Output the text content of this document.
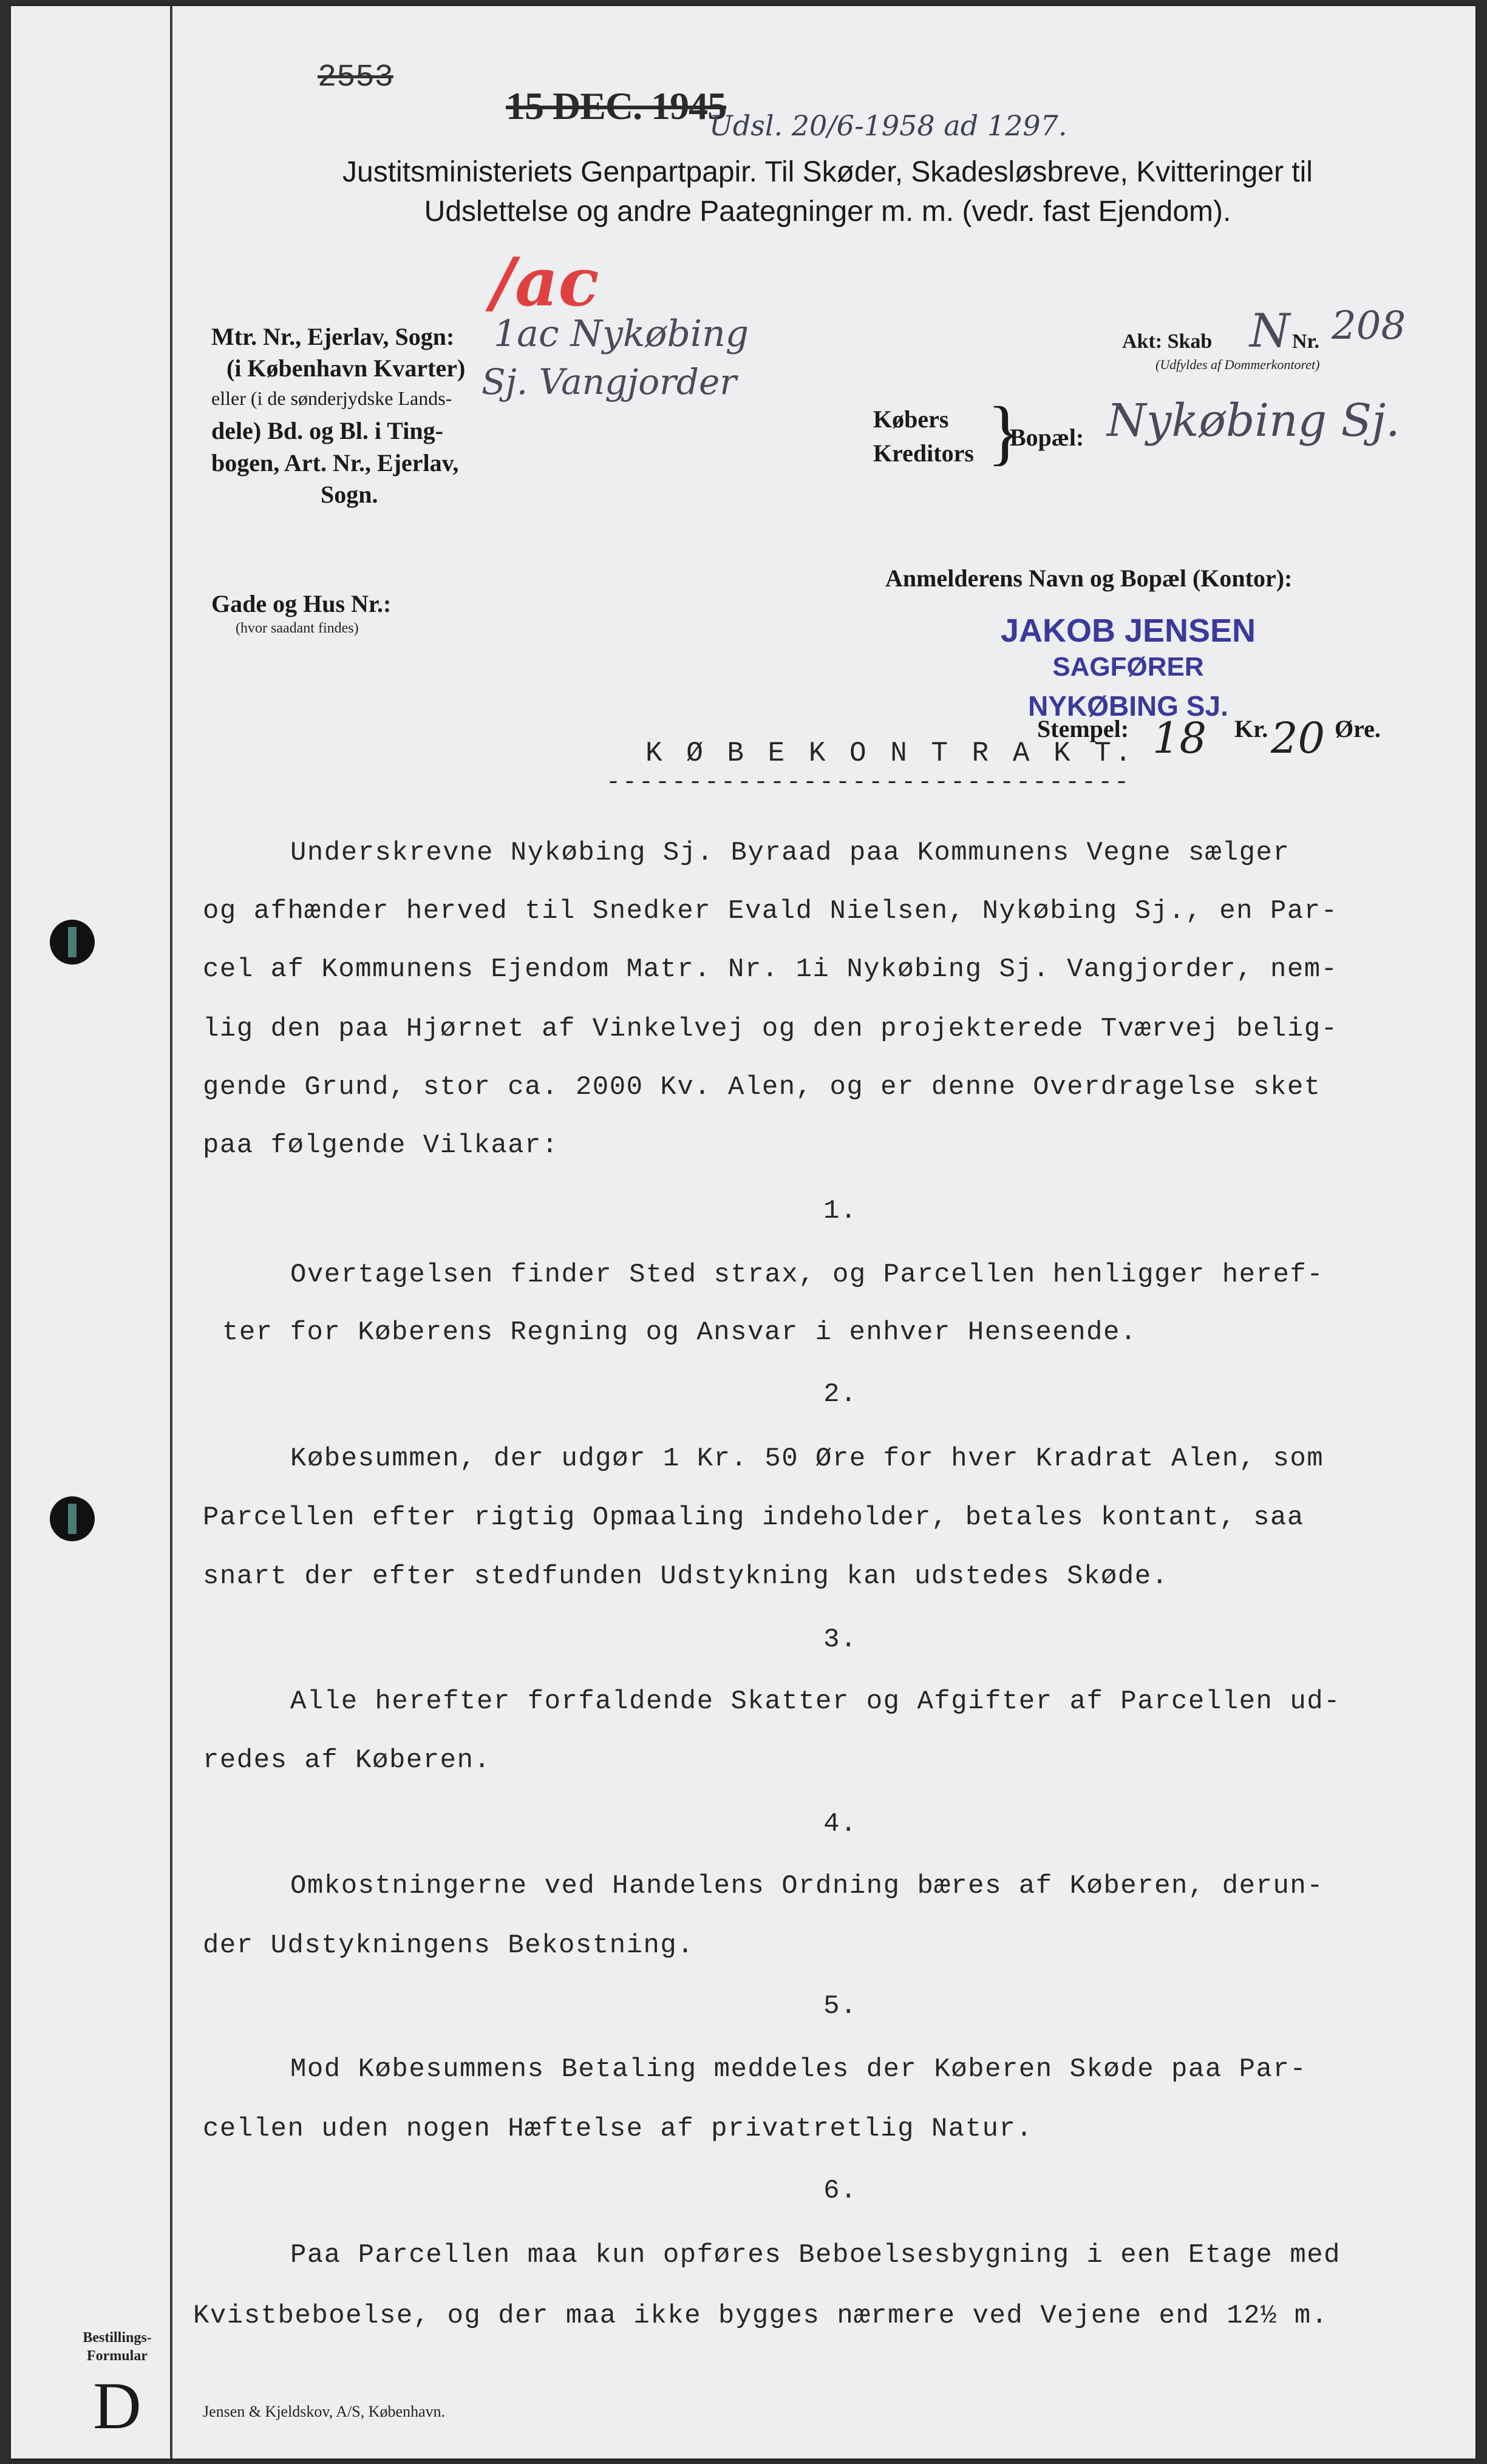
2553
15 DEC. 1945
Udsl. 20/6-1958 ad 1297.
/ac
Justitsministeriets Genpartpapir. Til Skøder, Skadesløsbreve, Kvitteringer til
Udslettelse og andre Paategninger m. m. (vedr. fast Ejendom).
Mtr. Nr., Ejerlav, Sogn:
(i København Kvarter)
eller (i de sønderjydske Lands-
dele) Bd. og Bl. i Ting-
bogen, Art. Nr., Ejerlav,
Sogn.
1ac Nykøbing
Sj. Vangjorder
Gade og Hus Nr.:
(hvor saadant findes)
Akt: Skab N Nr. 208
(Udfyldes af Dommerkontoret)
Købers
Kreditors }
Bopæl: Nykøbing Sj.
Anmelderens Navn og Bopæl (Kontor):
JAKOB JENSEN
SAGFØRER
NYKØBING SJ.
Stempel: 18 Kr. 20 Øre.
K Ø B E K O N T R A K T.
--------------------------------
Underskrevne Nykøbing Sj. Byraad paa Kommunens Vegne sælger
og afhænder herved til Snedker Evald Nielsen, Nykøbing Sj., en Par-
cel af Kommunens Ejendom Matr. Nr. 1i Nykøbing Sj. Vangjorder, nem-
lig den paa Hjørnet af Vinkelvej og den projekterede Tværvej belig-
gende Grund, stor ca. 2000 Kv. Alen, og er denne Overdragelse sket
paa følgende Vilkaar:
1.
Overtagelsen finder Sted strax, og Parcellen henligger heref-
ter for Køberens Regning og Ansvar i enhver Henseende.
2.
Købesummen, der udgør 1 Kr. 50 Øre for hver Kradrat Alen, som
Parcellen efter rigtig Opmaaling indeholder, betales kontant, saa
snart der efter stedfunden Udstykning kan udstedes Skøde.
3.
Alle herefter forfaldende Skatter og Afgifter af Parcellen ud-
redes af Køberen.
4.
Omkostningerne ved Handelens Ordning bæres af Køberen, derun-
der Udstykningens Bekostning.
5.
Mod Købesummens Betaling meddeles der Køberen Skøde paa Par-
cellen uden nogen Hæftelse af privatretlig Natur.
6.
Paa Parcellen maa kun opføres Beboelsesbygning i een Etage med
Kvistbeboelse, og der maa ikke bygges nærmere ved Vejene end 12½ m.
Bestillings-
Formular
D	Jensen & Kjeldskov, A/S, København.
